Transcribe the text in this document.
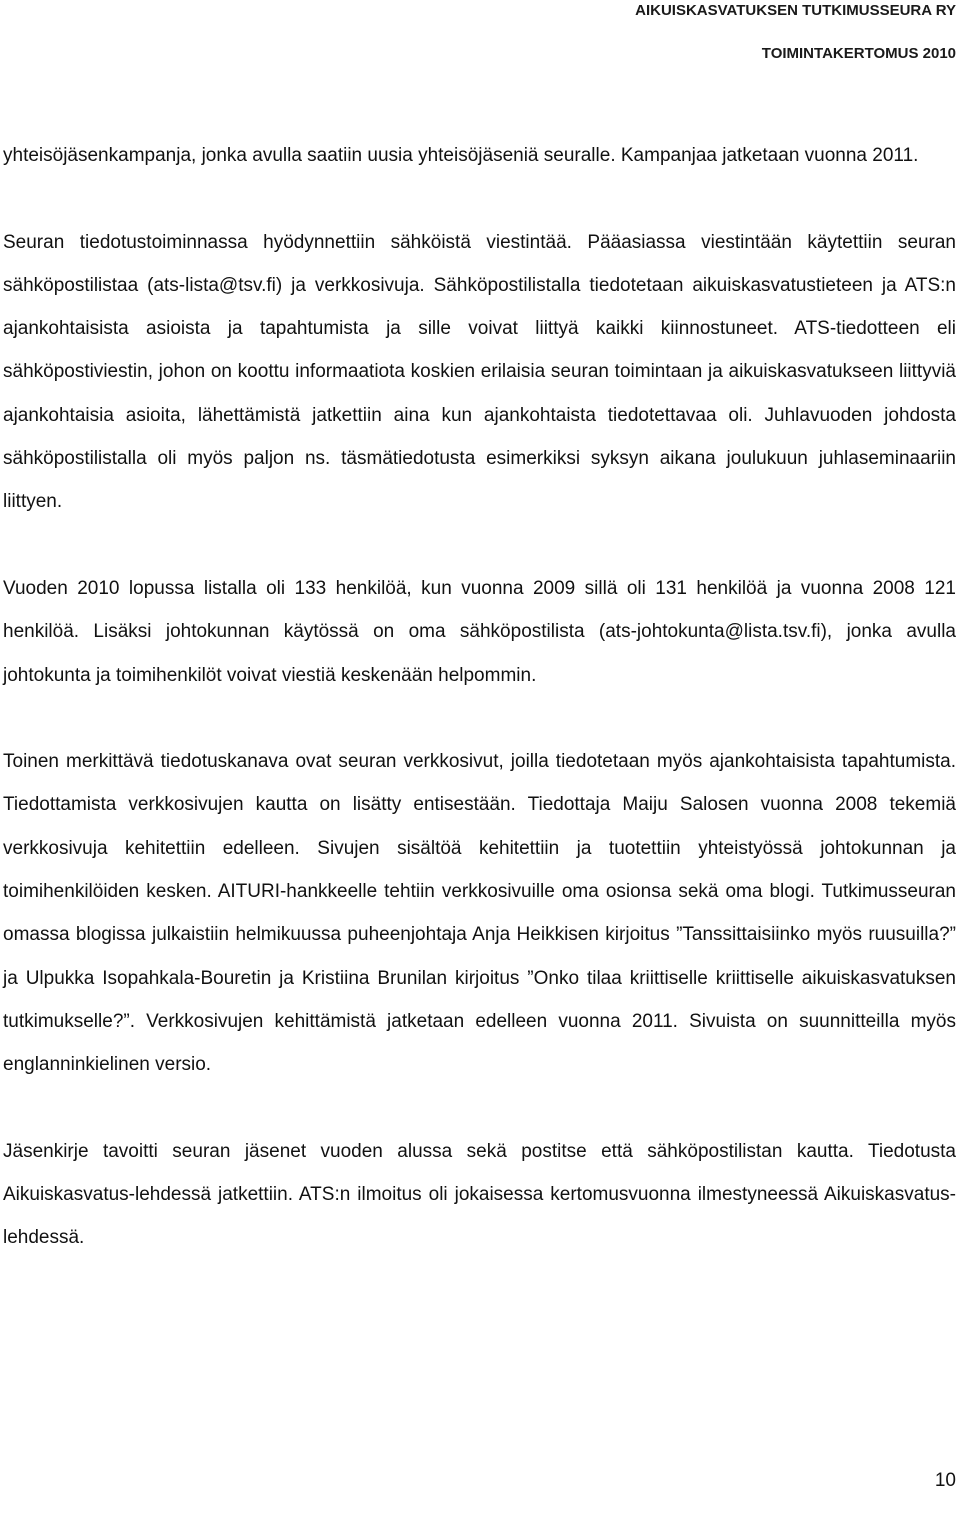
AIKUISKASVATUKSEN TUTKIMUSSEURA RY
TOIMINTAKERTOMUS 2010

yhteisöjäsenkampanja, jonka avulla saatiin uusia yhteisöjäseniä seuralle. Kampanjaa jatketaan vuonna 2011.

Seuran tiedotustoiminnassa hyödynnettiin sähköistä viestintää. Pääasiassa viestintään käytettiin seuran sähköpostilistaa (ats-lista@tsv.fi) ja verkkosivuja. Sähköpostilistalla tiedotetaan aikuiskasvatustieteen ja ATS:n ajankohtaisista asioista ja tapahtumista ja sille voivat liittyä kaikki kiinnostuneet. ATS-tiedotteen eli sähköpostiviestin, johon on koottu informaatiota koskien erilaisia seuran toimintaan ja aikuiskasvatukseen liittyviä ajankohtaisia asioita, lähettämistä jatkettiin aina kun ajankohtaista tiedotettavaa oli. Juhlavuoden johdosta sähköpostilistalla oli myös paljon ns. täsmätiedotusta esimerkiksi syksyn aikana joulukuun juhlaseminaariin liittyen.

Vuoden 2010 lopussa listalla oli 133 henkilöä, kun vuonna 2009 sillä oli 131 henkilöä ja vuonna 2008 121 henkilöä. Lisäksi johtokunnan käytössä on oma sähköpostilista (ats-johtokunta@lista.tsv.fi), jonka avulla johtokunta ja toimihenkilöt voivat viestiä keskenään helpommin.

Toinen merkittävä tiedotuskanava ovat seuran verkkosivut, joilla tiedotetaan myös ajankohtaisista tapahtumista. Tiedottamista verkkosivujen kautta on lisätty entisestään. Tiedottaja Maiju Salosen vuonna 2008 tekemiä verkkosivuja kehitettiin edelleen. Sivujen sisältöä kehitettiin ja tuotettiin yhteistyössä johtokunnan ja toimihenkilöiden kesken. AITURI-hankkeelle tehtiin verkkosivuille oma osionsa sekä oma blogi. Tutkimusseuran omassa blogissa julkaistiin helmikuussa puheenjohtaja Anja Heikkisen kirjoitus ”Tanssittaisiinko myös ruusuilla?” ja Ulpukka Isopahkala-Bouretin ja Kristiina Brunilan kirjoitus ”Onko tilaa kriittiselle kriittiselle aikuiskasvatuksen tutkimukselle?”. Verkkosivujen kehittämistä jatketaan edelleen vuonna 2011. Sivuista on suunnitteilla myös englanninkielinen versio.

Jäsenkirje tavoitti seuran jäsenet vuoden alussa sekä postitse että sähköpostilistan kautta. Tiedotusta Aikuiskasvatus-lehdessä jatkettiin. ATS:n ilmoitus oli jokaisessa kertomusvuonna ilmestyneessä Aikuiskasvatus-lehdessä.

10
